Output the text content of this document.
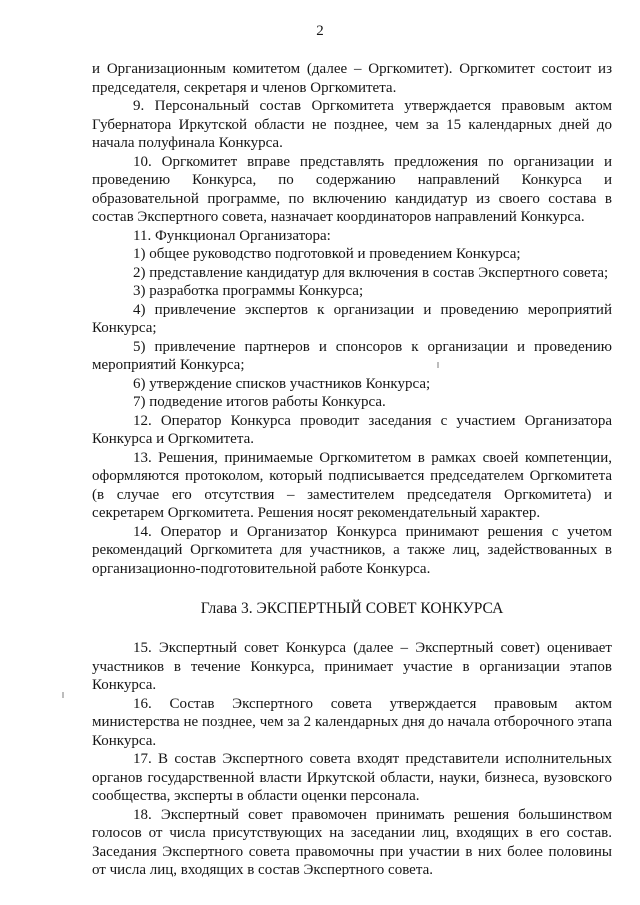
2

и Организационным комитетом (далее – Оргкомитет). Оргкомитет состоит из председателя, секретаря и членов Оргкомитета.

9. Персональный состав Оргкомитета утверждается правовым актом Губернатора Иркутской области не позднее, чем за 15 календарных дней до начала полуфинала Конкурса.

10. Оргкомитет вправе представлять предложения по организации и проведению Конкурса, по содержанию направлений Конкурса и образовательной программе, по включению кандидатур из своего состава в состав Экспертного совета, назначает координаторов направлений Конкурса.

11. Функционал Организатора:

1) общее руководство подготовкой и проведением Конкурса;

2) представление кандидатур для включения в состав Экспертного совета;

3) разработка программы Конкурса;

4) привлечение экспертов к организации и проведению мероприятий Конкурса;

5) привлечение партнеров и спонсоров к организации и проведению мероприятий Конкурса;

6) утверждение списков участников Конкурса;

7) подведение итогов работы Конкурса.

12. Оператор Конкурса проводит заседания с участием Организатора Конкурса и Оргкомитета.

13. Решения, принимаемые Оргкомитетом в рамках своей компетенции, оформляются протоколом, который подписывается председателем Оргкомитета (в случае его отсутствия – заместителем председателя Оргкомитета) и секретарем Оргкомитета. Решения носят рекомендательный характер.

14. Оператор и Организатор Конкурса принимают решения с учетом рекомендаций Оргкомитета для участников, а также лиц, задействованных в организационно-подготовительной работе Конкурса.

Глава 3. ЭКСПЕРТНЫЙ СОВЕТ КОНКУРСА

15. Экспертный совет Конкурса (далее – Экспертный совет) оценивает участников в течение Конкурса, принимает участие в организации этапов Конкурса.

16. Состав Экспертного совета утверждается правовым актом министерства не позднее, чем за 2 календарных дня до начала отборочного этапа Конкурса.

17. В состав Экспертного совета входят представители исполнительных органов государственной власти Иркутской области, науки, бизнеса, вузовского сообщества, эксперты в области оценки персонала.

18. Экспертный совет правомочен принимать решения большинством голосов от числа присутствующих на заседании лиц, входящих в его состав. Заседания Экспертного совета правомочны при участии в них более половины от числа лиц, входящих в состав Экспертного совета.
